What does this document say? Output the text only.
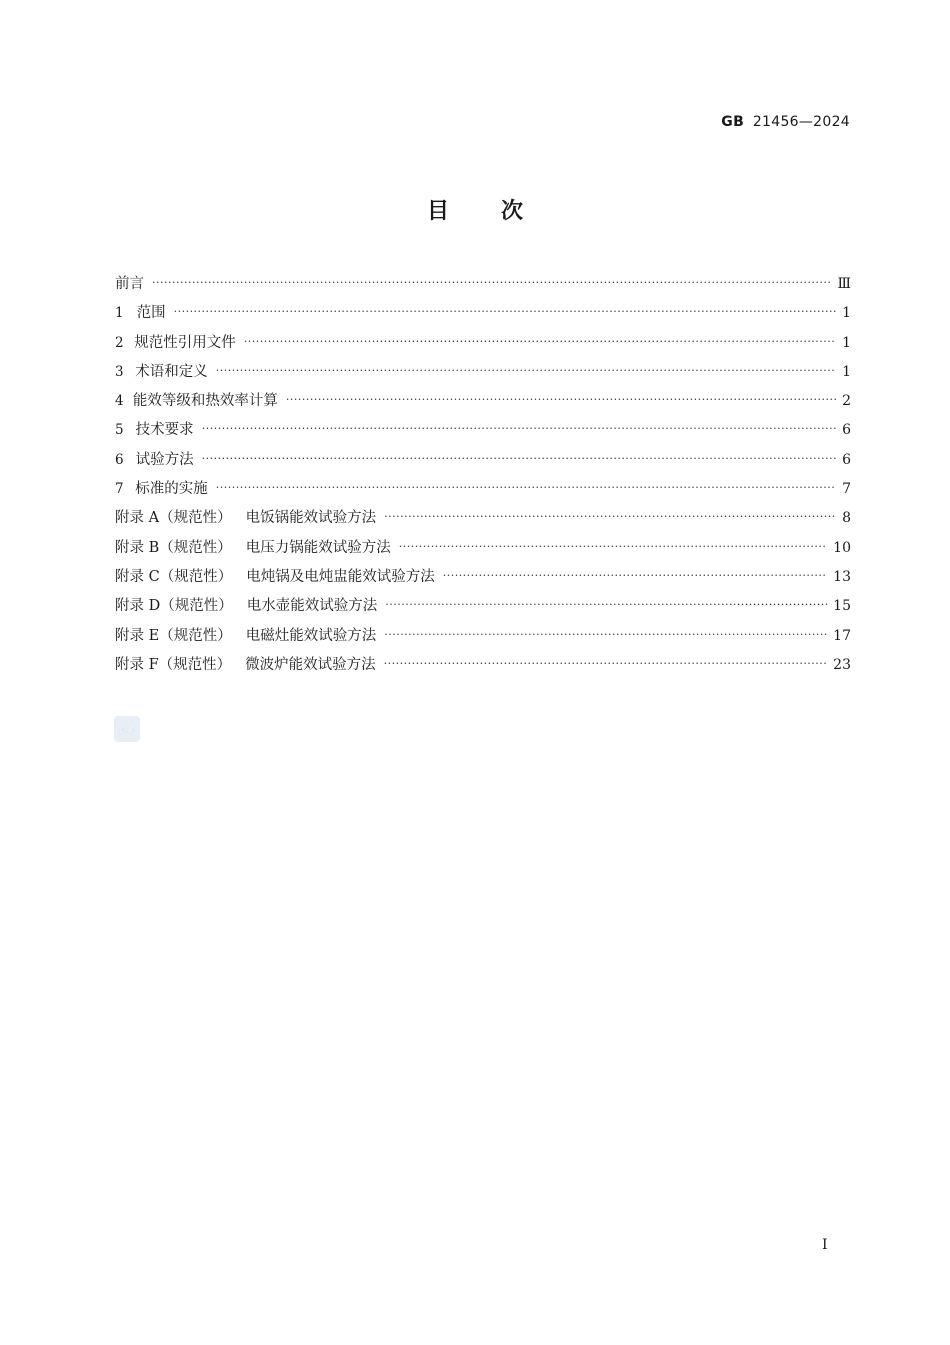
GB 21456—2024
目次
前言 ·····	Ⅲ
1 范围 ·····	1
2 规范性引用文件 ·····	1
3 术语和定义 ·····	1
4 能效等级和热效率计算 ·····	2
5 技术要求 ·····	6
6 试验方法 ·····	6
7 标准的实施 ·····	7
附录 A（规范性） 电饭锅能效试验方法 ·····	8
附录 B（规范性） 电压力锅能效试验方法 ·····	10
附录 C（规范性） 电炖锅及电炖盅能效试验方法 ·····	13
附录 D（规范性） 电水壶能效试验方法 ·····	15
附录 E（规范性） 电磁灶能效试验方法 ·····	17
附录 F（规范性） 微波炉能效试验方法 ·····	23
SAC
I
